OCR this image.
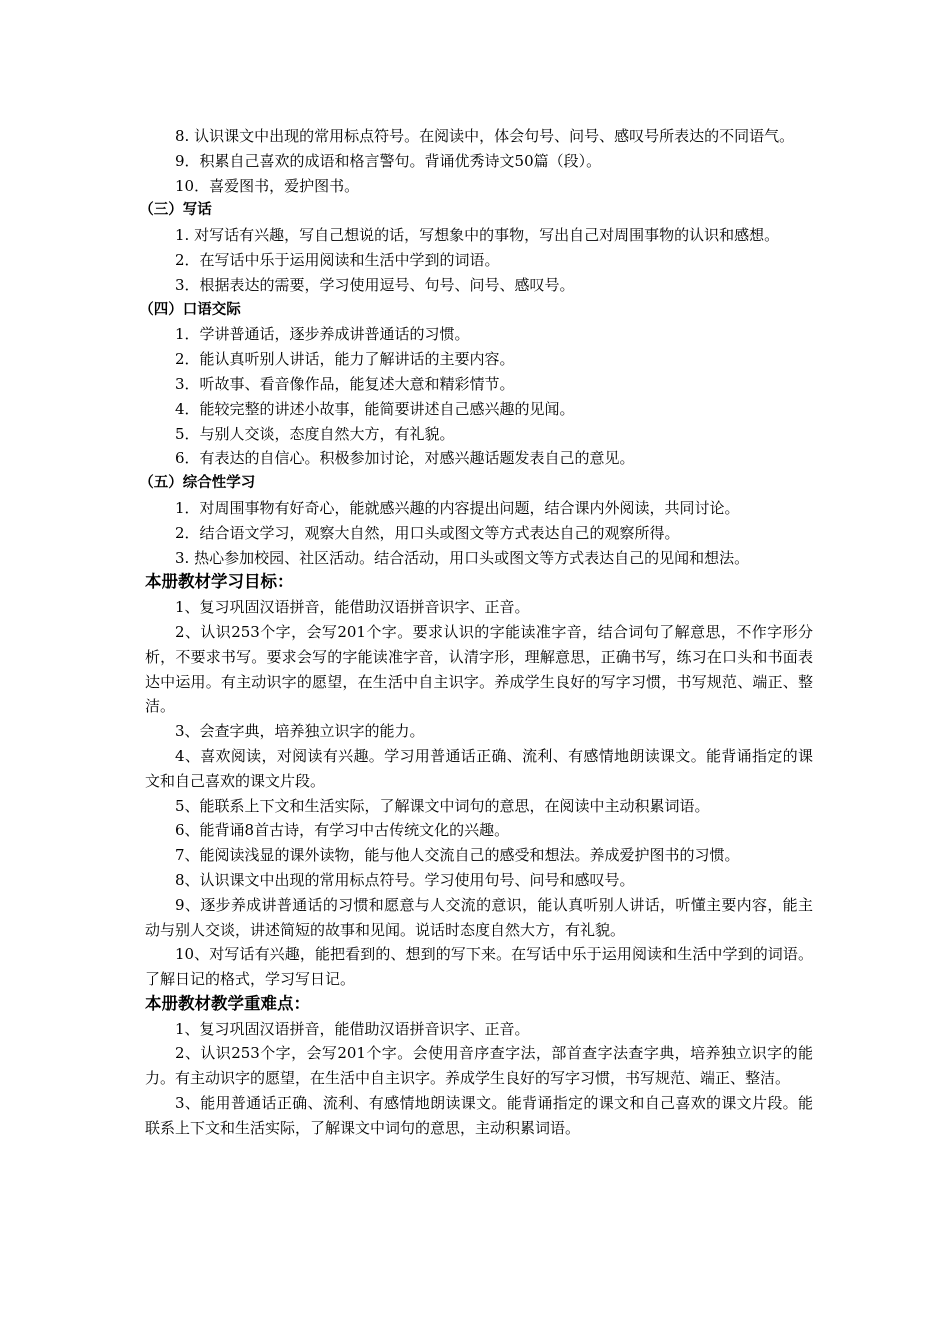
8. 认识课文中出现的常用标点符号。在阅读中，体会句号、问号、感叹号所表达的不同语气。

9．积累自己喜欢的成语和格言警句。背诵优秀诗文50篇（段）。

10．喜爱图书，爱护图书。

（三）写话

1. 对写话有兴趣，写自己想说的话，写想象中的事物，写出自己对周围事物的认识和感想。

2．在写话中乐于运用阅读和生活中学到的词语。

3．根据表达的需要，学习使用逗号、句号、问号、感叹号。

（四）口语交际

1．学讲普通话，逐步养成讲普通话的习惯。

2．能认真听别人讲话，能力了解讲话的主要内容。

3．听故事、看音像作品，能复述大意和精彩情节。

4．能较完整的讲述小故事，能简要讲述自己感兴趣的见闻。

5．与别人交谈，态度自然大方，有礼貌。

6．有表达的自信心。积极参加讨论，对感兴趣话题发表自己的意见。

（五）综合性学习

1．对周围事物有好奇心，能就感兴趣的内容提出问题，结合课内外阅读，共同讨论。

2．结合语文学习，观察大自然，用口头或图文等方式表达自己的观察所得。

3. 热心参加校园、社区活动。结合活动，用口头或图文等方式表达自己的见闻和想法。

本册教材学习目标：

1、复习巩固汉语拼音，能借助汉语拼音识字、正音。

2、认识253个字，会写201个字。要求认识的字能读准字音，结合词句了解意思，不作字形分析，不要求书写。要求会写的字能读准字音，认清字形，理解意思，正确书写，练习在口头和书面表达中运用。有主动识字的愿望，在生活中自主识字。养成学生良好的写字习惯，书写规范、端正、整洁。

3、会查字典，培养独立识字的能力。

4、喜欢阅读，对阅读有兴趣。学习用普通话正确、流利、有感情地朗读课文。能背诵指定的课文和自己喜欢的课文片段。

5、能联系上下文和生活实际，了解课文中词句的意思，在阅读中主动积累词语。

6、能背诵8首古诗，有学习中古传统文化的兴趣。

7、能阅读浅显的课外读物，能与他人交流自己的感受和想法。养成爱护图书的习惯。

8、认识课文中出现的常用标点符号。学习使用句号、问号和感叹号。

9、逐步养成讲普通话的习惯和愿意与人交流的意识，能认真听别人讲话，听懂主要内容，能主动与别人交谈，讲述简短的故事和见闻。说话时态度自然大方，有礼貌。

10、对写话有兴趣，能把看到的、想到的写下来。在写话中乐于运用阅读和生活中学到的词语。了解日记的格式，学习写日记。

本册教材教学重难点：

1、复习巩固汉语拼音，能借助汉语拼音识字、正音。

2、认识253个字，会写201个字。会使用音序查字法，部首查字法查字典，培养独立识字的能力。有主动识字的愿望，在生活中自主识字。养成学生良好的写字习惯，书写规范、端正、整洁。

3、能用普通话正确、流利、有感情地朗读课文。能背诵指定的课文和自己喜欢的课文片段。能联系上下文和生活实际，了解课文中词句的意思，主动积累词语。
